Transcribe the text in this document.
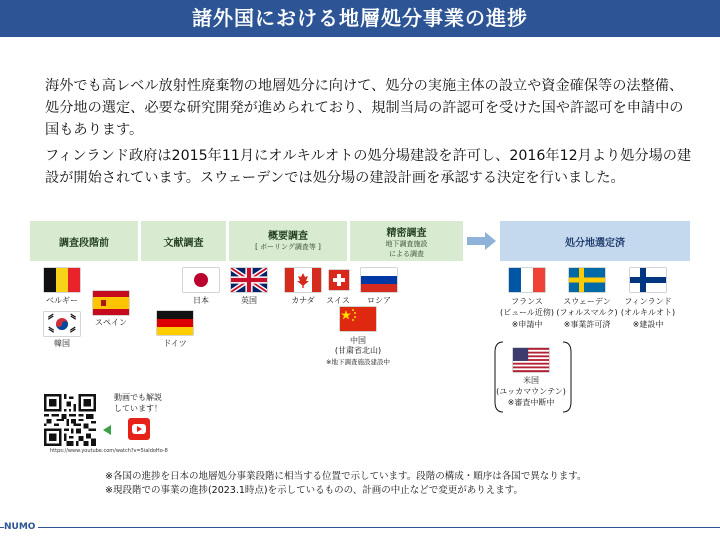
諸外国における地層処分事業の進捗
海外でも高レベル放射性廃棄物の地層処分に向けて、処分の実施主体の設立や資金確保等の法整備、処分地の選定、必要な研究開発が進められており、規制当局の許認可を受けた国や許認可を申請中の国もあります。
フィンランド政府は2015年11月にオルキルオトの処分場建設を許可し、2016年12月より処分場の建設が開始されています。スウェーデンでは処分場の建設計画を承認する決定を行いました。
調査段階前	文献調査
概要調査
[ ボーリング調査等 ]
精密調査
地下調査施設
による調査
処分地選定済
ベルギー
スペイン
韓国
日本
ドイツ
英国	カナダ	スイス	ロシア
中国
(甘粛省北山)
※地下調査施設建設中
フランス
(ビュール近傍)
※申請中
スウェーデン
(フォルスマルク)
※事業許可済
フィンランド
(オルキルオト)
※建設中
米国
(ユッカマウンテン)
※審査中断中
動画でも解説
しています！
https://www.youtube.com/watch?v=5ialdoHo-8
※各国の進捗を日本の地層処分事業段階に相当する位置で示しています。段階の構成・順序は各国で異なります。
※現段階での事業の進捗(2023.1時点)を示しているものの、計画の中止などで変更がありえます。
NUMO
